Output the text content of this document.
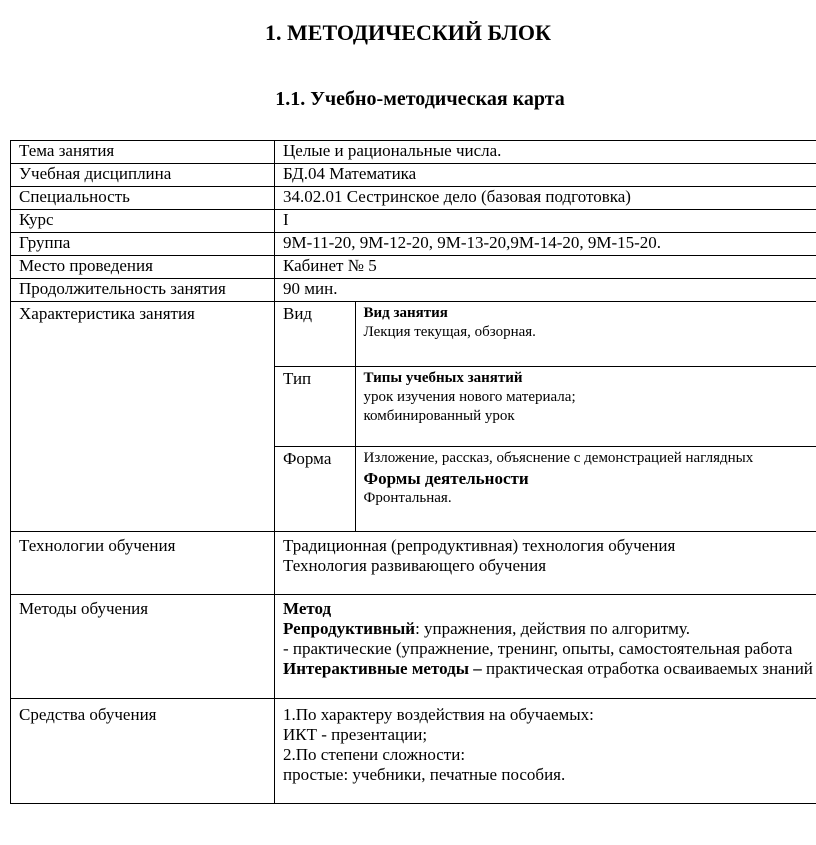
1. МЕТОДИЧЕСКИЙ БЛОК
1.1. Учебно-методическая карта
Тема занятия	Целые и рациональные числа.
Учебная дисциплина	БД.04 Математика
Специальность	34.02.01 Сестринское дело (базовая подготовка)
Курс	I
Группа	9М-11-20, 9М-12-20, 9М-13-20,9М-14-20, 9М-15-20.
Место проведения	Кабинет № 5
Продолжительность занятия	90 мин.
Характеристика занятия		Вид	Вид занятия
Лекция текущая, обзорная.

Тип	Типы учебных занятий
урок изучения нового материала;
комбинированный урок

Форма	Изложение, рассказ, объяснение с демонстрацией наглядных
Формы деятельности
Фронтальная.

Технологии обучения	Традиционная (репродуктивная) технология обучения
Технология развивающего обучения

Методы обучения	Метод
Репродуктивный: упражнения, действия по алгоритму.
- практические (упражнение, тренинг, опыты, самостоятельная работа
Интерактивные методы – практическая отработка осваиваемых знаний

Средства обучения	1.По характеру воздействия на обучаемых:
ИКТ - презентации;
2.По степени сложности:
простые: учебники, печатные пособия.
